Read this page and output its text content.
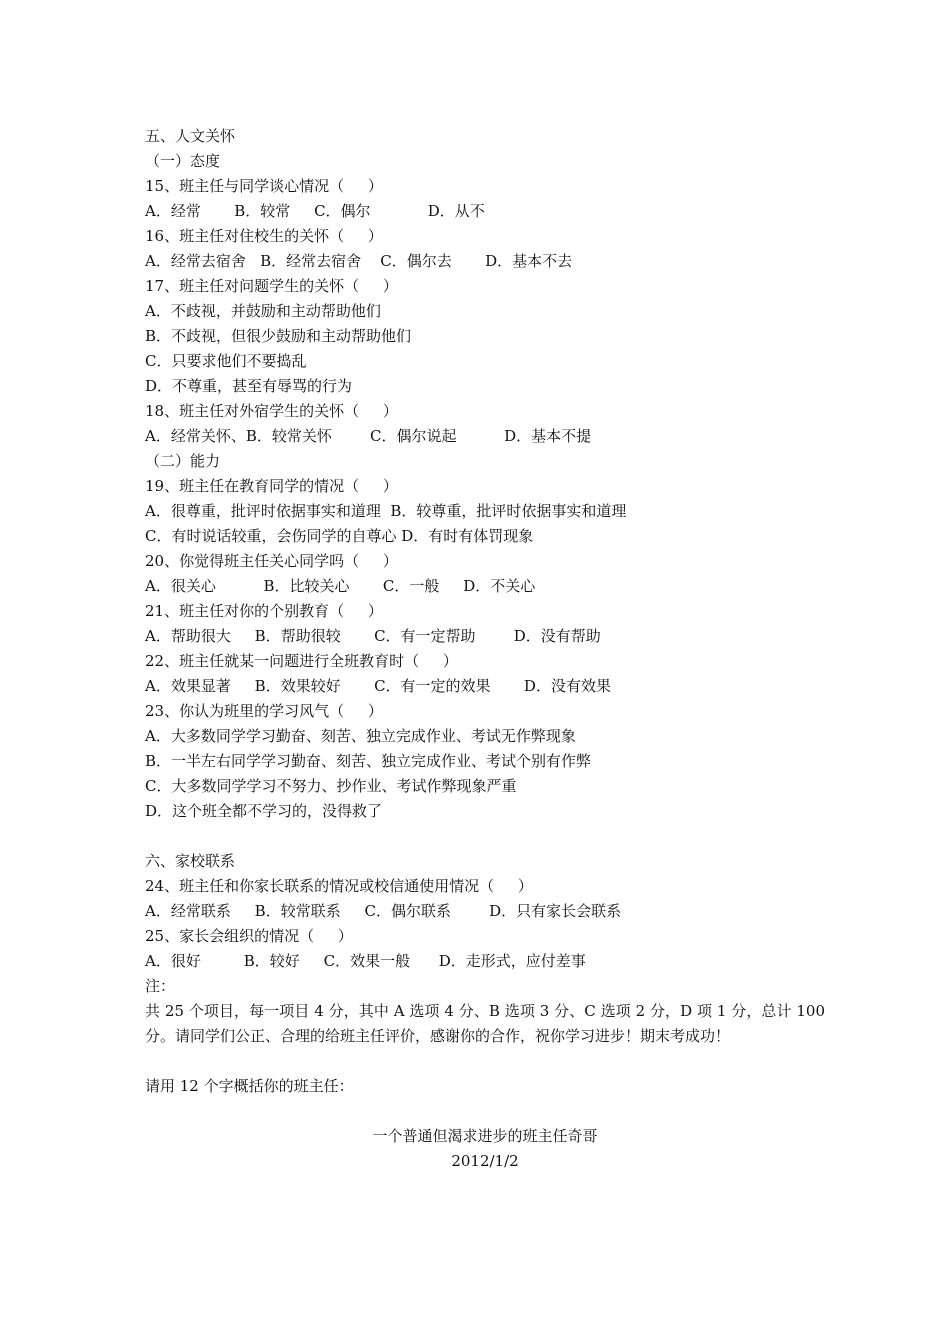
五、人文关怀
（一）态度
15、班主任与同学谈心情况（     ）
A．经常       B．较常     C．偶尔            D．从不
16、班主任对住校生的关怀（     ）
A．经常去宿舍   B．经常去宿舍    C．偶尔去       D．基本不去
17、班主任对问题学生的关怀（     ）
A．不歧视，并鼓励和主动帮助他们
B．不歧视，但很少鼓励和主动帮助他们
C．只要求他们不要捣乱
D．不尊重，甚至有辱骂的行为
18、班主任对外宿学生的关怀（     ）
A．经常关怀、B．较常关怀        C．偶尔说起          D．基本不提
（二）能力
19、班主任在教育同学的情况（     ）
A．很尊重，批评时依据事实和道理  B．较尊重，批评时依据事实和道理
C．有时说话较重，会伤同学的自尊心 D．有时有体罚现象
20、你觉得班主任关心同学吗（     ）
A．很关心          B．比较关心       C．一般     D．不关心
21、班主任对你的个别教育（     ）
A．帮助很大     B．帮助很较       C．有一定帮助        D．没有帮助
22、班主任就某一问题进行全班教育时（     ）
A．效果显著     B．效果较好       C．有一定的效果       D．没有效果
23、你认为班里的学习风气（     ）
A．大多数同学学习勤奋、刻苦、独立完成作业、考试无作弊现象
B．一半左右同学学习勤奋、刻苦、独立完成作业、考试个别有作弊
C．大多数同学学习不努力、抄作业、考试作弊现象严重
D．这个班全都不学习的，没得救了
六、家校联系
24、班主任和你家长联系的情况或校信通使用情况（     ）
A．经常联系     B．较常联系     C．偶尔联系        D．只有家长会联系
25、家长会组织的情况（     ）
A．很好         B．较好     C．效果一般      D．走形式，应付差事
注：
共 25 个项目，每一项目 4 分，其中 A 选项 4 分、B 选项 3 分、C 选项 2 分，D 项 1 分，总计 100 分。请同学们公正、合理的给班主任评价，感谢你的合作，祝你学习进步！期末考成功！
请用 12 个字概括你的班主任：
一个普通但渴求进步的班主任奇哥
2012/1/2
